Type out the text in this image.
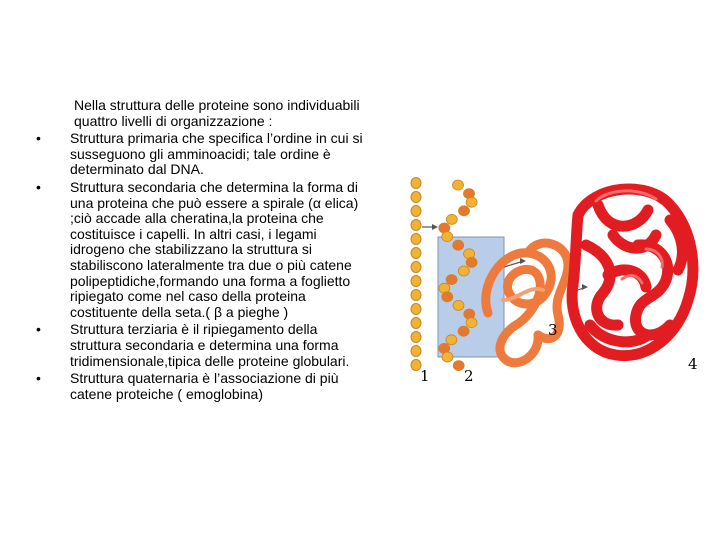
Nella struttura delle proteine sono individuabili quattro livelli di organizzazione :
•	Struttura primaria che specifica l’ordine in cui si susseguono gli amminoacidi; tale ordine è determinato dal DNA.
•	Struttura secondaria che determina la forma di una proteina che può essere a spirale (α elica) ;ciò accade alla cheratina,la proteina che costituisce i capelli. In altri casi, i legami idrogeno che stabilizzano la struttura si stabiliscono lateralmente tra due o più catene polipeptidiche,formando una forma a foglietto ripiegato come nel caso della proteina costituente della seta.( β a pieghe )
•	Struttura terziaria è il ripiegamento della struttura secondaria e determina una forma tridimensionale,tipica delle proteine globulari.
•	Struttura quaternaria è l’associazione di più catene proteiche ( emoglobina)
1 2
3
4
